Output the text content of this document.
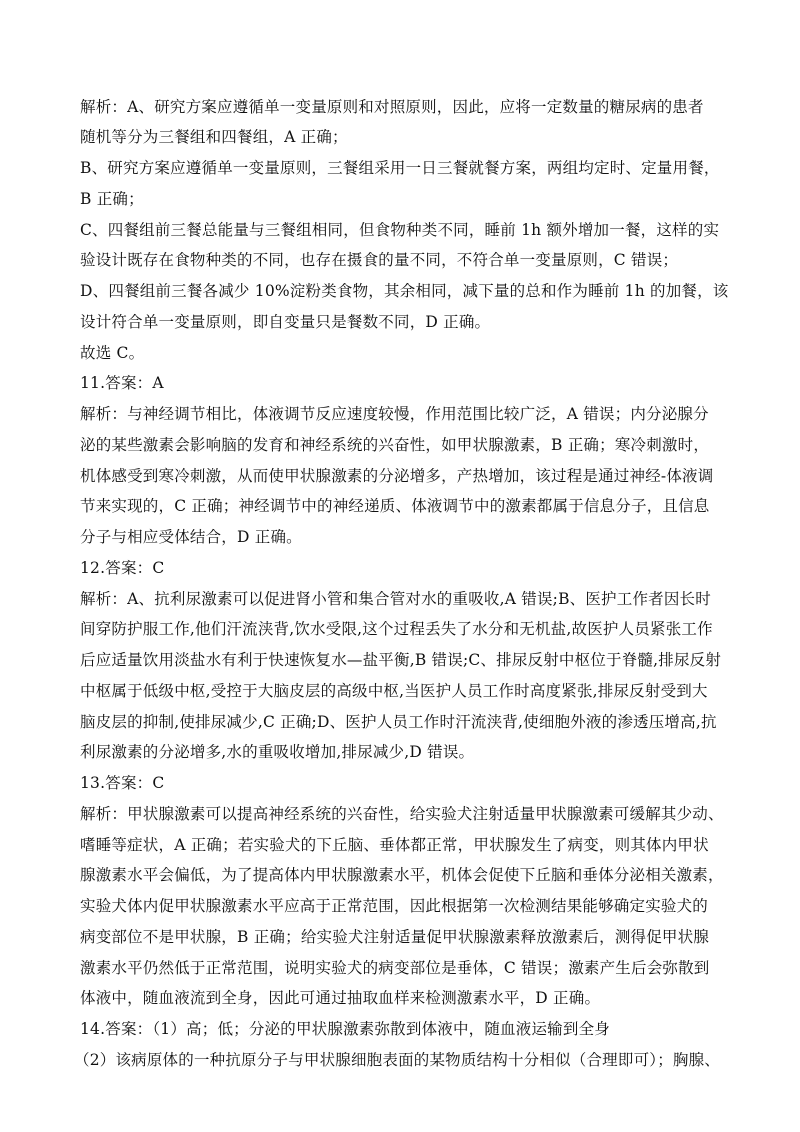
解析：A、研究方案应遵循单一变量原则和对照原则，因此，应将一定数量的糖尿病的患者
随机等分为三餐组和四餐组，A 正确；
B、研究方案应遵循单一变量原则，三餐组采用一日三餐就餐方案，两组均定时、定量用餐，
B 正确；
C、四餐组前三餐总能量与三餐组相同，但食物种类不同，睡前 1h 额外增加一餐，这样的实
验设计既存在食物种类的不同，也存在摄食的量不同，不符合单一变量原则，C 错误；
D、四餐组前三餐各减少 10%淀粉类食物，其余相同，减下量的总和作为睡前 1h 的加餐，该
设计符合单一变量原则，即自变量只是餐数不同，D 正确。
故选 C。
11.答案：A
解析：与神经调节相比，体液调节反应速度较慢，作用范围比较广泛，A 错误；内分泌腺分
泌的某些激素会影响脑的发育和神经系统的兴奋性，如甲状腺激素，B 正确；寒冷刺激时，
机体感受到寒冷刺激，从而使甲状腺激素的分泌增多，产热增加，该过程是通过神经-体液调
节来实现的，C 正确；神经调节中的神经递质、体液调节中的激素都属于信息分子，且信息
分子与相应受体结合，D 正确。
12.答案：C
解析：A、抗利尿激素可以促进肾小管和集合管对水的重吸收,A 错误;B、医护工作者因长时
间穿防护服工作,他们汗流浃背,饮水受限,这个过程丢失了水分和无机盐,故医护人员紧张工作
后应适量饮用淡盐水有利于快速恢复水—盐平衡,B 错误;C、排尿反射中枢位于脊髓,排尿反射
中枢属于低级中枢,受控于大脑皮层的高级中枢,当医护人员工作时高度紧张,排尿反射受到大
脑皮层的抑制,使排尿减少,C 正确;D、医护人员工作时汗流浃背,使细胞外液的渗透压增高,抗
利尿激素的分泌增多,水的重吸收增加,排尿减少,D 错误。
13.答案：C
解析：甲状腺激素可以提高神经系统的兴奋性，给实验犬注射适量甲状腺激素可缓解其少动、
嗜睡等症状，A 正确；若实验犬的下丘脑、垂体都正常，甲状腺发生了病变，则其体内甲状
腺激素水平会偏低，为了提高体内甲状腺激素水平，机体会促使下丘脑和垂体分泌相关激素，
实验犬体内促甲状腺激素水平应高于正常范围，因此根据第一次检测结果能够确定实验犬的
病变部位不是甲状腺，B 正确；给实验犬注射适量促甲状腺激素释放激素后，测得促甲状腺
激素水平仍然低于正常范围，说明实验犬的病变部位是垂体，C 错误；激素产生后会弥散到
体液中，随血液流到全身，因此可通过抽取血样来检测激素水平，D 正确。
14.答案：（1）高；低；分泌的甲状腺激素弥散到体液中，随血液运输到全身
（2）该病原体的一种抗原分子与甲状腺细胞表面的某物质结构十分相似（合理即可）；胸腺、
